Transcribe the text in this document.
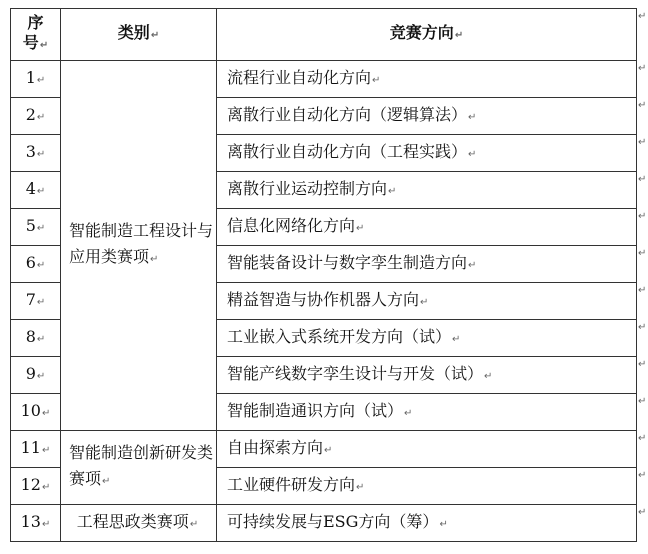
序
号↵	类别↵	竞赛方向↵
1↵	智能制造工程设计与应用类赛项↵	流程行业自动化方向↵
2↵		离散行业自动化方向（逻辑算法）↵
3↵		离散行业自动化方向（工程实践）↵
4↵		离散行业运动控制方向↵
5↵		信息化网络化方向↵
6↵		智能装备设计与数字孪生制造方向↵
7↵		精益智造与协作机器人方向↵
8↵		工业嵌入式系统开发方向（试）↵
9↵		智能产线数字孪生设计与开发（试）↵
10↵		智能制造通识方向（试）↵
11↵	智能制造创新研发类赛项↵	自由探索方向↵
12↵		工业硬件研发方向↵
13↵	工程思政类赛项↵	可持续发展与ESG方向（筹）↵
↵
↵
↵
↵
↵
↵
↵
↵
↵
↵
↵
↵
↵
↵
